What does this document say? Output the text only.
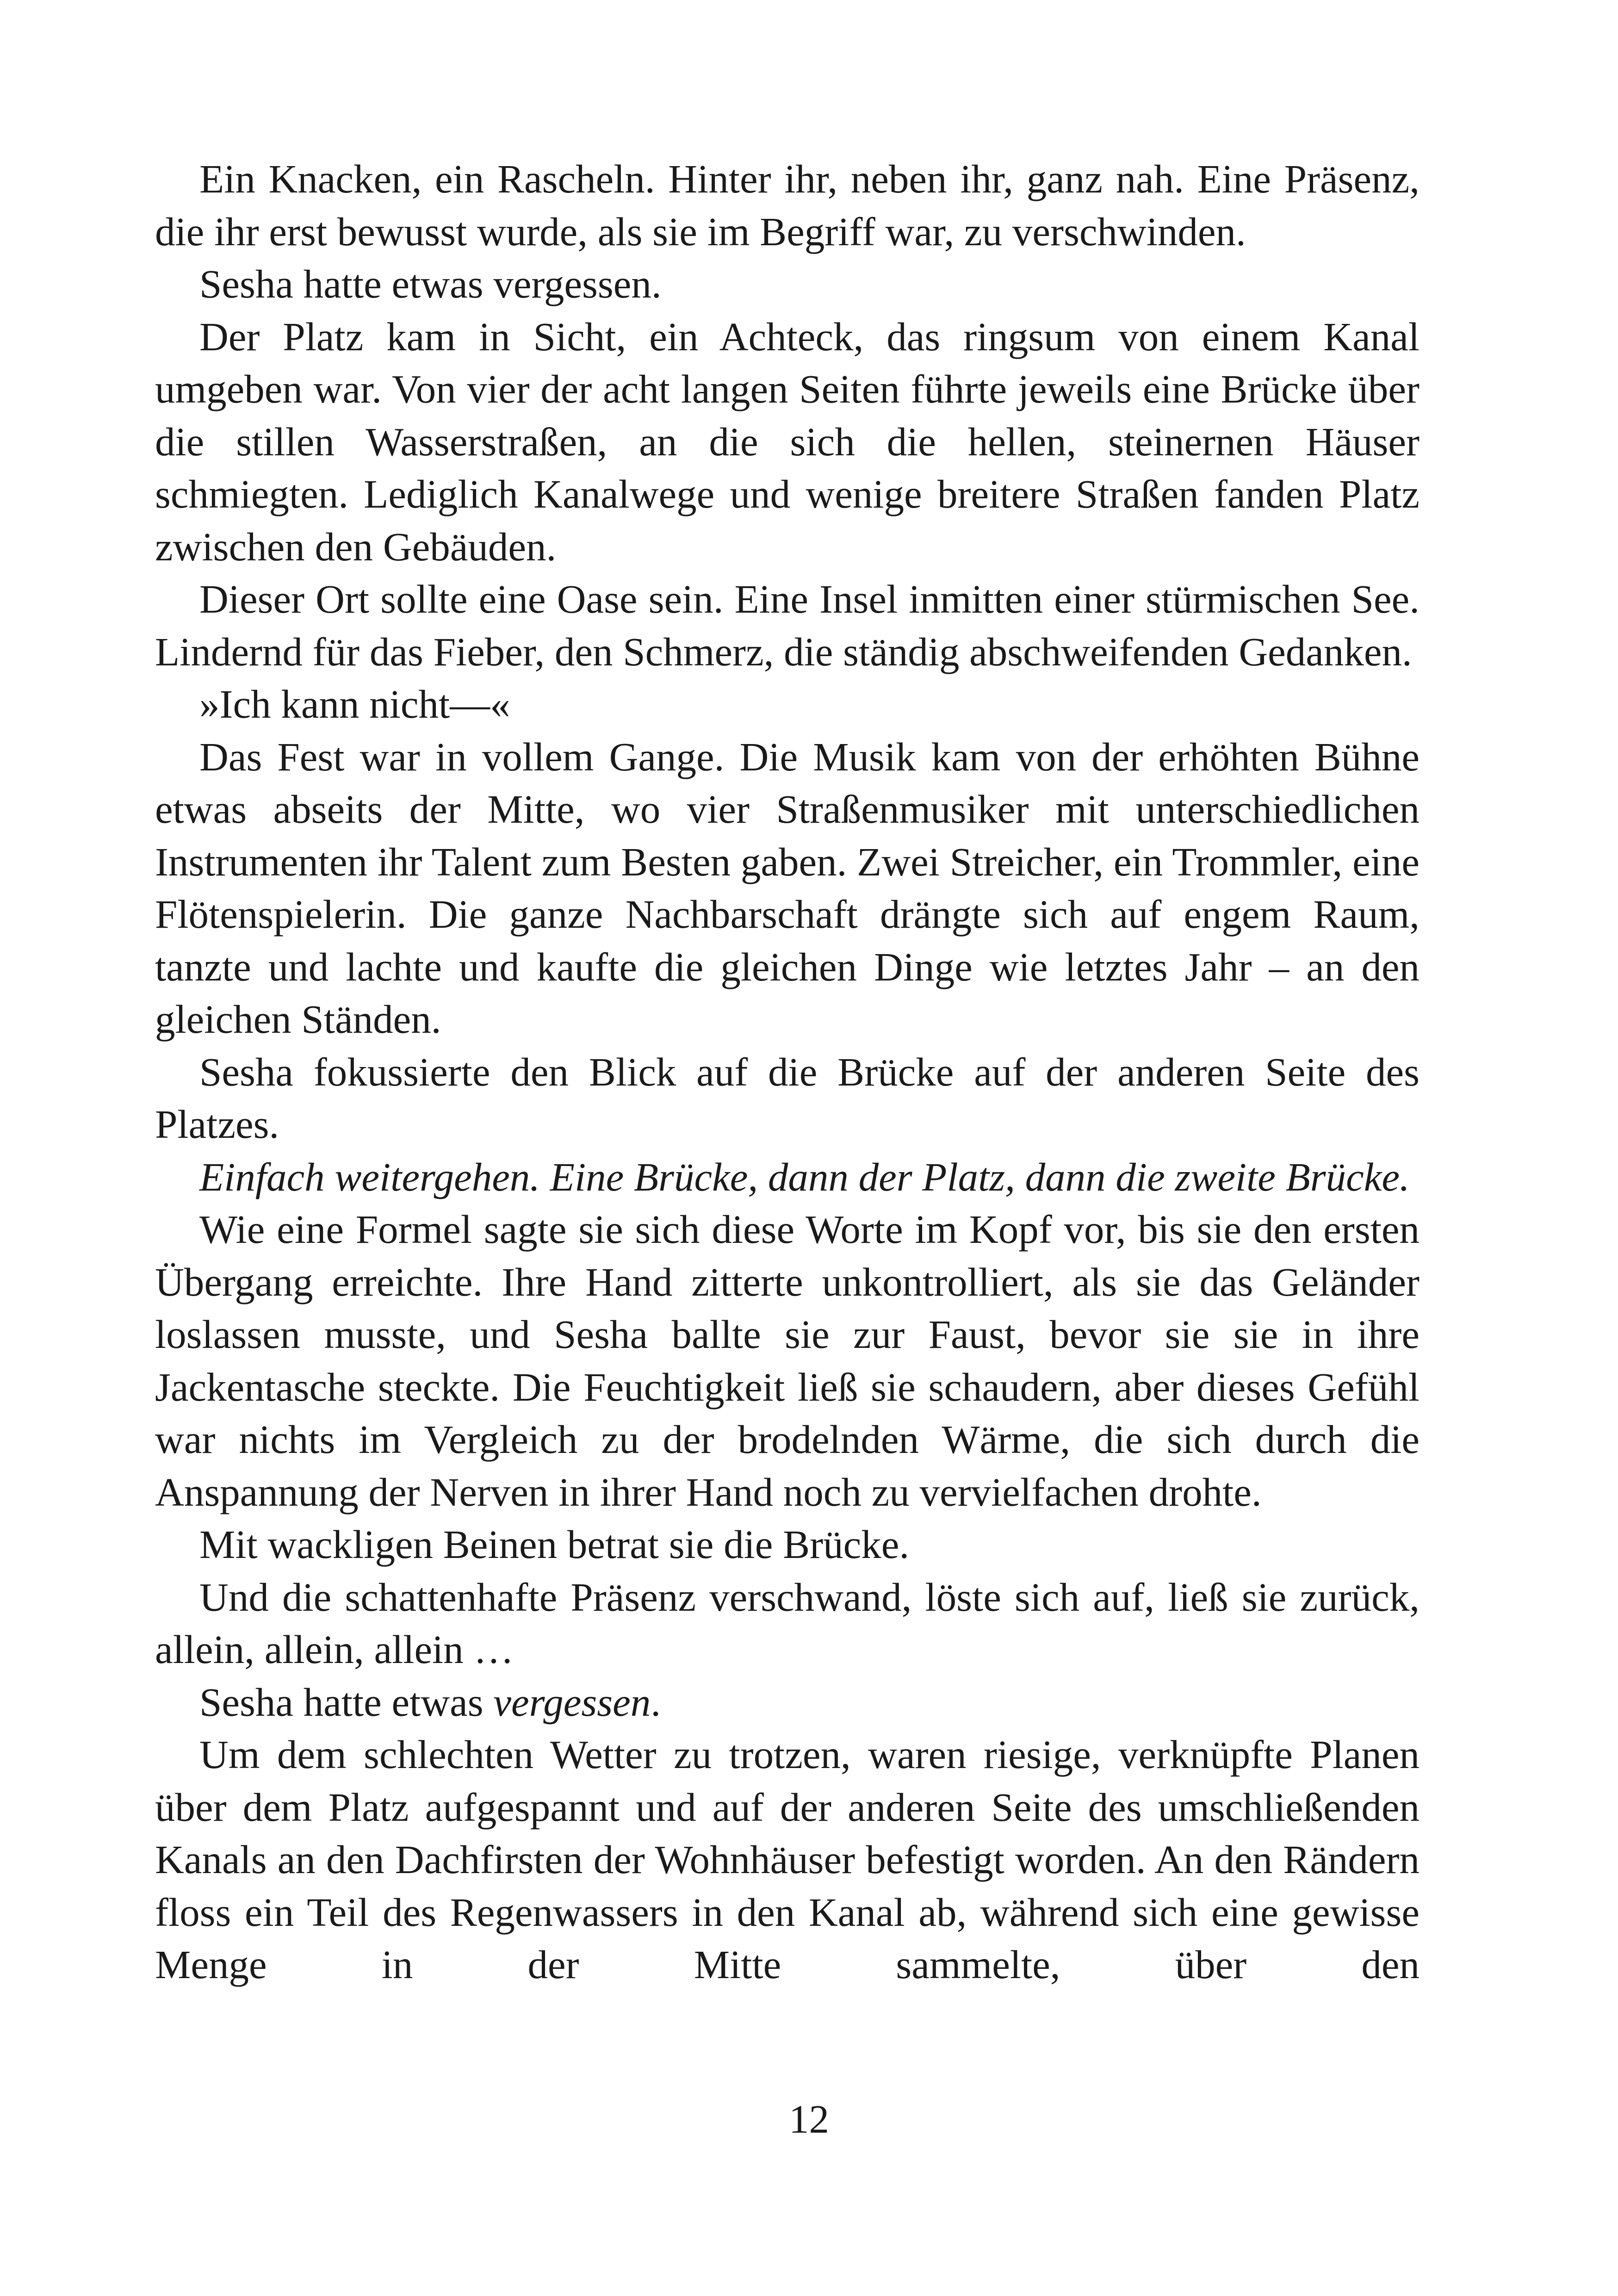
Ein Knacken, ein Rascheln. Hinter ihr, neben ihr, ganz nah. Eine Präsenz, die ihr erst bewusst wurde, als sie im Begriff war, zu verschwinden.

Sesha hatte etwas vergessen.

Der Platz kam in Sicht, ein Achteck, das ringsum von einem Kanal umgeben war. Von vier der acht langen Seiten führte jeweils eine Brücke über die stillen Wasserstraßen, an die sich die hellen, steinernen Häuser schmiegten. Lediglich Kanalwege und wenige breitere Straßen fanden Platz zwischen den Gebäuden.

Dieser Ort sollte eine Oase sein. Eine Insel inmitten einer stürmischen See. Lindernd für das Fieber, den Schmerz, die ständig abschweifenden Gedanken.

»Ich kann nicht—«

Das Fest war in vollem Gange. Die Musik kam von der erhöhten Bühne etwas abseits der Mitte, wo vier Straßenmusiker mit unterschiedlichen Instrumenten ihr Talent zum Besten gaben. Zwei Streicher, ein Trommler, eine Flötenspielerin. Die ganze Nachbarschaft drängte sich auf engem Raum, tanzte und lachte und kaufte die gleichen Dinge wie letztes Jahr – an den gleichen Ständen.

Sesha fokussierte den Blick auf die Brücke auf der anderen Seite des Platzes.

Einfach weitergehen. Eine Brücke, dann der Platz, dann die zweite Brücke.

Wie eine Formel sagte sie sich diese Worte im Kopf vor, bis sie den ersten Übergang erreichte. Ihre Hand zitterte unkontrolliert, als sie das Geländer loslassen musste, und Sesha ballte sie zur Faust, bevor sie sie in ihre Jackentasche steckte. Die Feuchtigkeit ließ sie schaudern, aber dieses Gefühl war nichts im Vergleich zu der brodelnden Wärme, die sich durch die Anspannung der Nerven in ihrer Hand noch zu vervielfachen drohte.

Mit wackligen Beinen betrat sie die Brücke.

Und die schattenhafte Präsenz verschwand, löste sich auf, ließ sie zurück, allein, allein, allein …

Sesha hatte etwas vergessen.

Um dem schlechten Wetter zu trotzen, waren riesige, verknüpfte Planen über dem Platz aufgespannt und auf der anderen Seite des umschließenden Kanals an den Dachfirsten der Wohnhäuser befestigt worden. An den Rändern floss ein Teil des Regenwassers in den Kanal ab, während sich eine gewisse Menge in der Mitte sammelte, über den

12
